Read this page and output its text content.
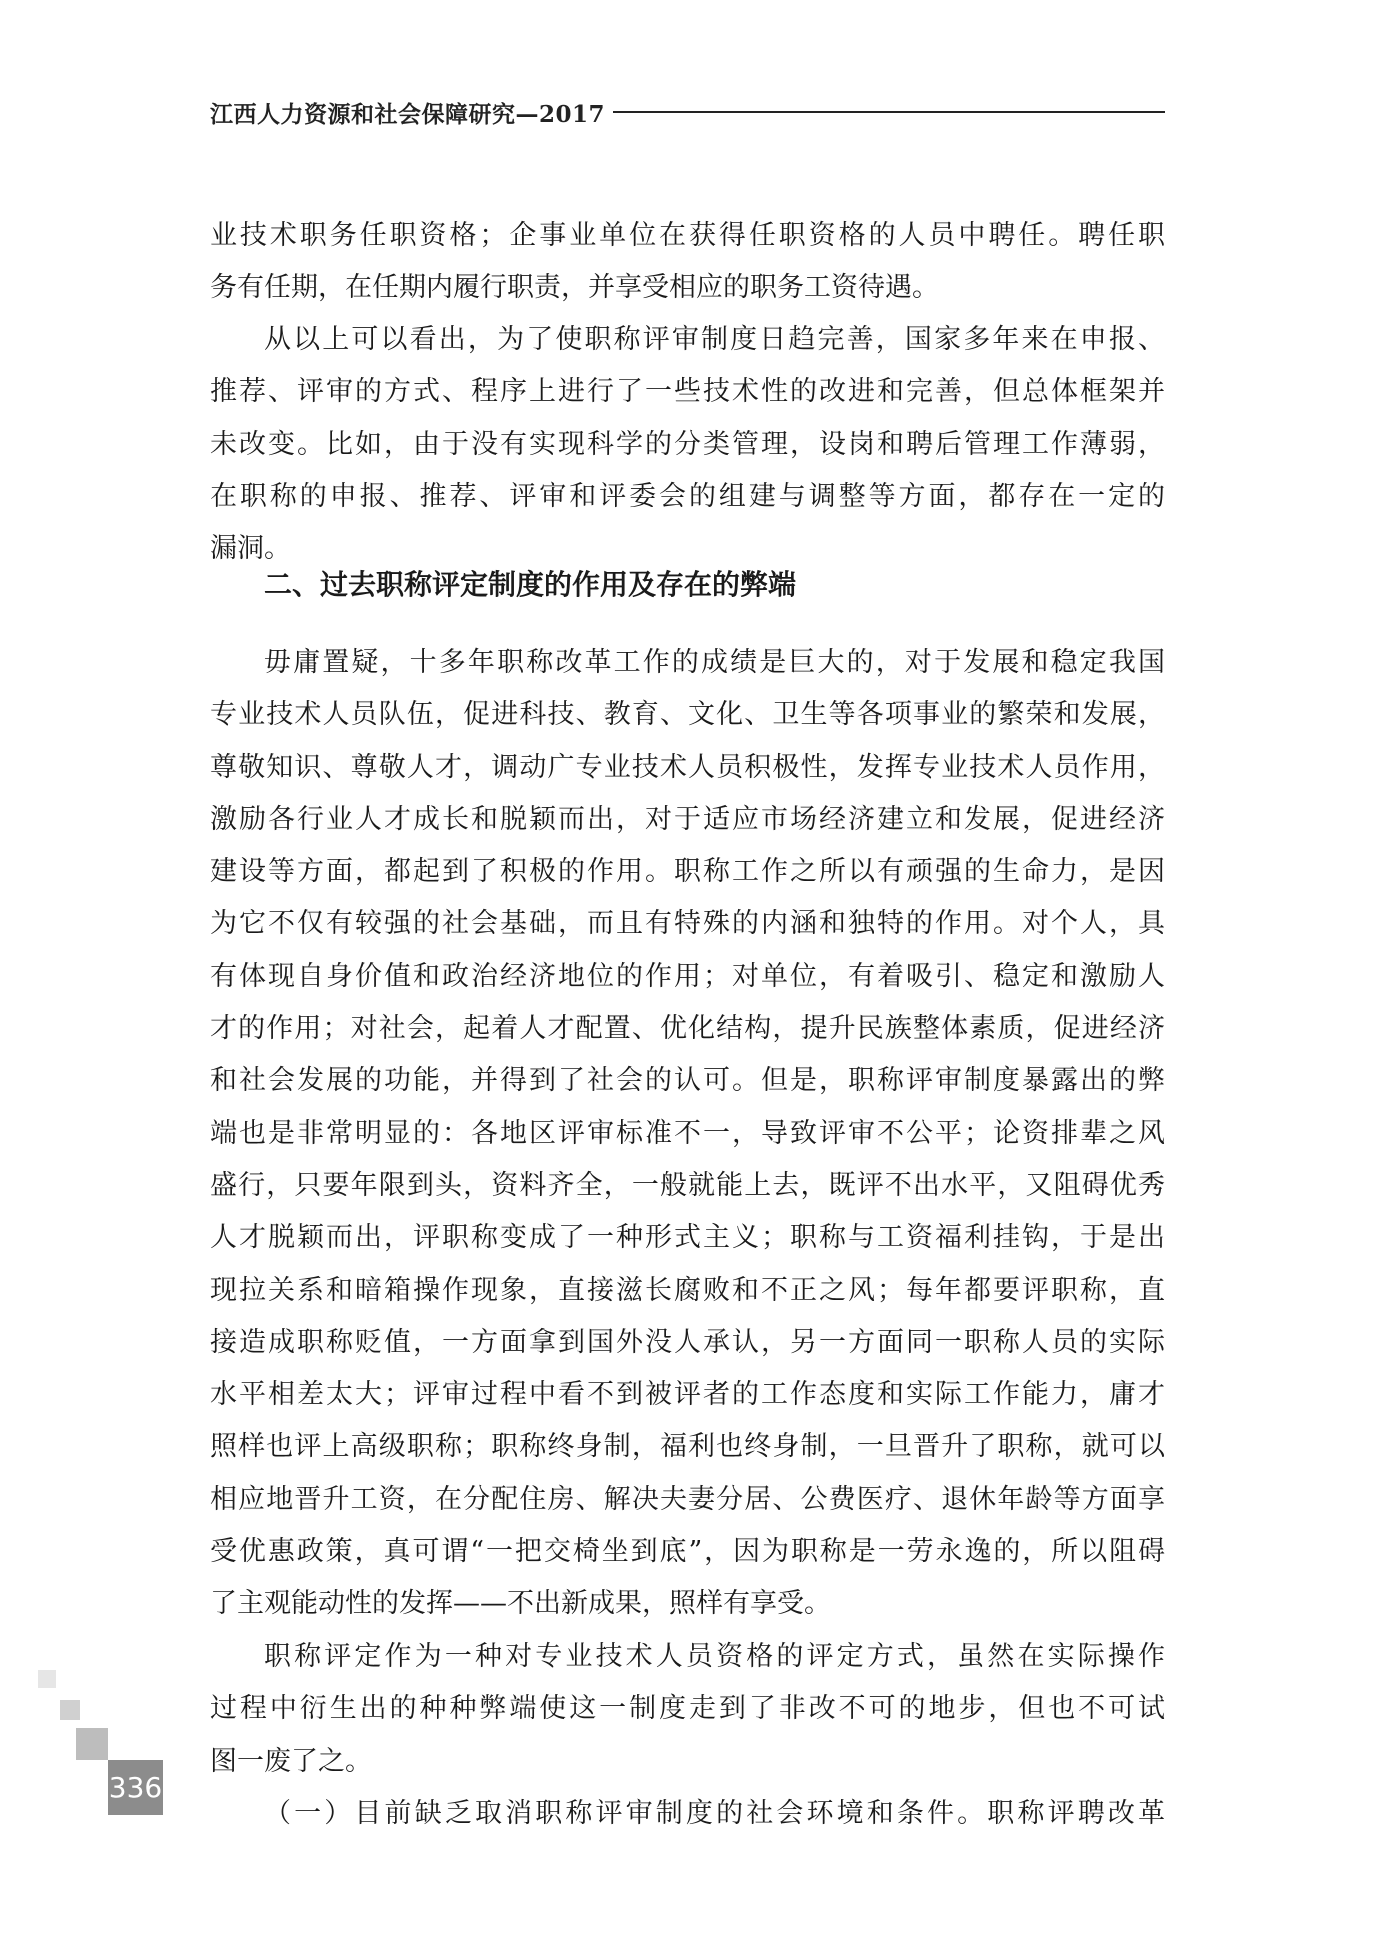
江西人力资源和社会保障研究—2017
业技术职务任职资格；企事业单位在获得任职资格的人员中聘任。聘任职
务有任期，在任期内履行职责，并享受相应的职务工资待遇。
从以上可以看出，为了使职称评审制度日趋完善，国家多年来在申报、
推荐、评审的方式、程序上进行了一些技术性的改进和完善，但总体框架并
未改变。比如，由于没有实现科学的分类管理，设岗和聘后管理工作薄弱，
在职称的申报、推荐、评审和评委会的组建与调整等方面，都存在一定的
漏洞。
二、过去职称评定制度的作用及存在的弊端
毋庸置疑，十多年职称改革工作的成绩是巨大的，对于发展和稳定我国
专业技术人员队伍，促进科技、教育、文化、卫生等各项事业的繁荣和发展，
尊敬知识、尊敬人才，调动广专业技术人员积极性，发挥专业技术人员作用，
激励各行业人才成长和脱颖而出，对于适应市场经济建立和发展，促进经济
建设等方面，都起到了积极的作用。职称工作之所以有顽强的生命力，是因
为它不仅有较强的社会基础，而且有特殊的内涵和独特的作用。对个人，具
有体现自身价值和政治经济地位的作用；对单位，有着吸引、稳定和激励人
才的作用；对社会，起着人才配置、优化结构，提升民族整体素质，促进经济
和社会发展的功能，并得到了社会的认可。但是，职称评审制度暴露出的弊
端也是非常明显的：各地区评审标准不一，导致评审不公平；论资排辈之风
盛行，只要年限到头，资料齐全，一般就能上去，既评不出水平，又阻碍优秀
人才脱颖而出，评职称变成了一种形式主义；职称与工资福利挂钩，于是出
现拉关系和暗箱操作现象，直接滋长腐败和不正之风；每年都要评职称，直
接造成职称贬值，一方面拿到国外没人承认，另一方面同一职称人员的实际
水平相差太大；评审过程中看不到被评者的工作态度和实际工作能力，庸才
照样也评上高级职称；职称终身制，福利也终身制，一旦晋升了职称，就可以
相应地晋升工资，在分配住房、解决夫妻分居、公费医疗、退休年龄等方面享
受优惠政策，真可谓“一把交椅坐到底”，因为职称是一劳永逸的，所以阻碍
了主观能动性的发挥——不出新成果，照样有享受。
职称评定作为一种对专业技术人员资格的评定方式，虽然在实际操作
过程中衍生出的种种弊端使这一制度走到了非改不可的地步，但也不可试
图一废了之。
（一）目前缺乏取消职称评审制度的社会环境和条件。职称评聘改革
336
